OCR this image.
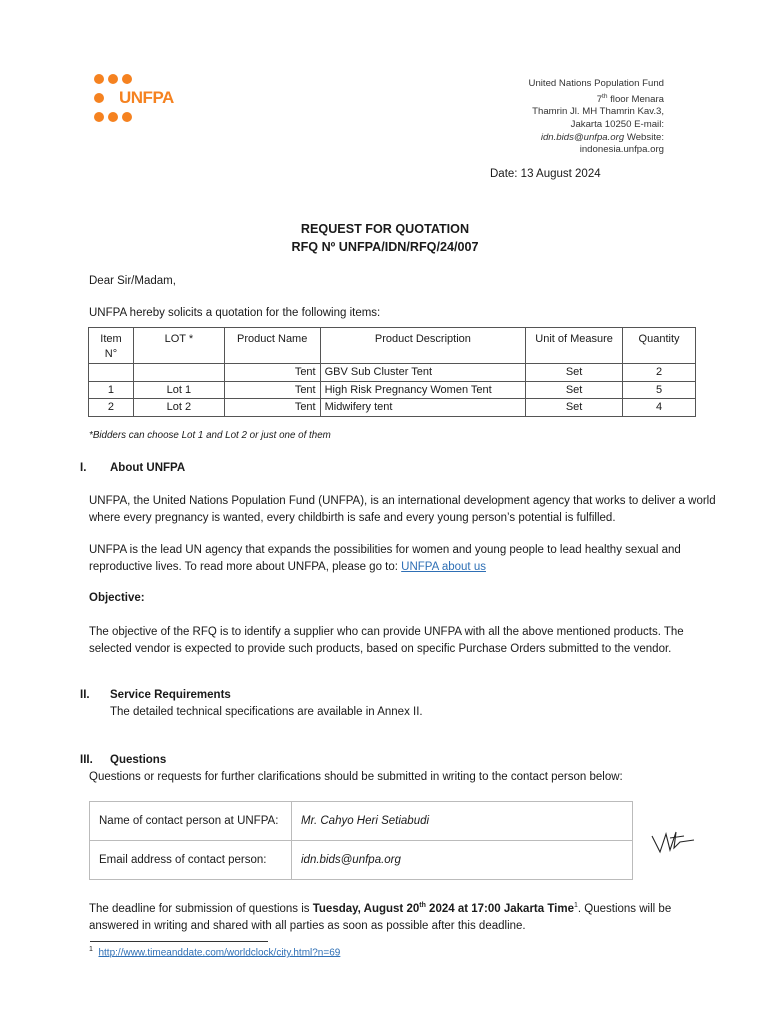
UNFPA
United Nations Population Fund
7th floor Menara
Thamrin Jl. MH Thamrin Kav.3,
Jakarta 10250 E-mail:
idn.bids@unfpa.org Website:
indonesia.unfpa.org
Date: 13 August 2024
REQUEST FOR QUOTATION
RFQ Nº UNFPA/IDN/RFQ/24/007
Dear Sir/Madam,
UNFPA hereby solicits a quotation for the following items:
Item
N°	LOT *	Product Name	Product Description	Unit of Measure	Quantity
		Tent	GBV Sub Cluster Tent	Set	2
1	Lot 1	Tent	High Risk Pregnancy Women Tent	Set	5
2	Lot 2	Tent	Midwifery tent	Set	4
*Bidders can choose Lot 1 and Lot 2 or just one of them
I. About UNFPA
UNFPA, the United Nations Population Fund (UNFPA), is an international development agency that works to deliver a world where every pregnancy is wanted, every childbirth is safe and every young person’s potential is fulfilled.
UNFPA is the lead UN agency that expands the possibilities for women and young people to lead healthy sexual and reproductive lives. To read more about UNFPA, please go to: UNFPA about us
Objective:
The objective of the RFQ is to identify a supplier who can provide UNFPA with all the above mentioned products. The selected vendor is expected to provide such products, based on specific Purchase Orders submitted to the vendor.
II. Service Requirements
The detailed technical specifications are available in Annex II.
III. Questions
Questions or requests for further clarifications should be submitted in writing to the contact person below:
Name of contact person at UNFPA:	Mr. Cahyo Heri Setiabudi
Email address of contact person:	idn.bids@unfpa.org
The deadline for submission of questions is Tuesday, August 20th 2024 at 17:00 Jakarta Time$^1$. Questions will be
answered in writing and shared with all parties as soon as possible after this deadline.
$^1$ http://www.timeanddate.com/worldclock/city.html?n=69
